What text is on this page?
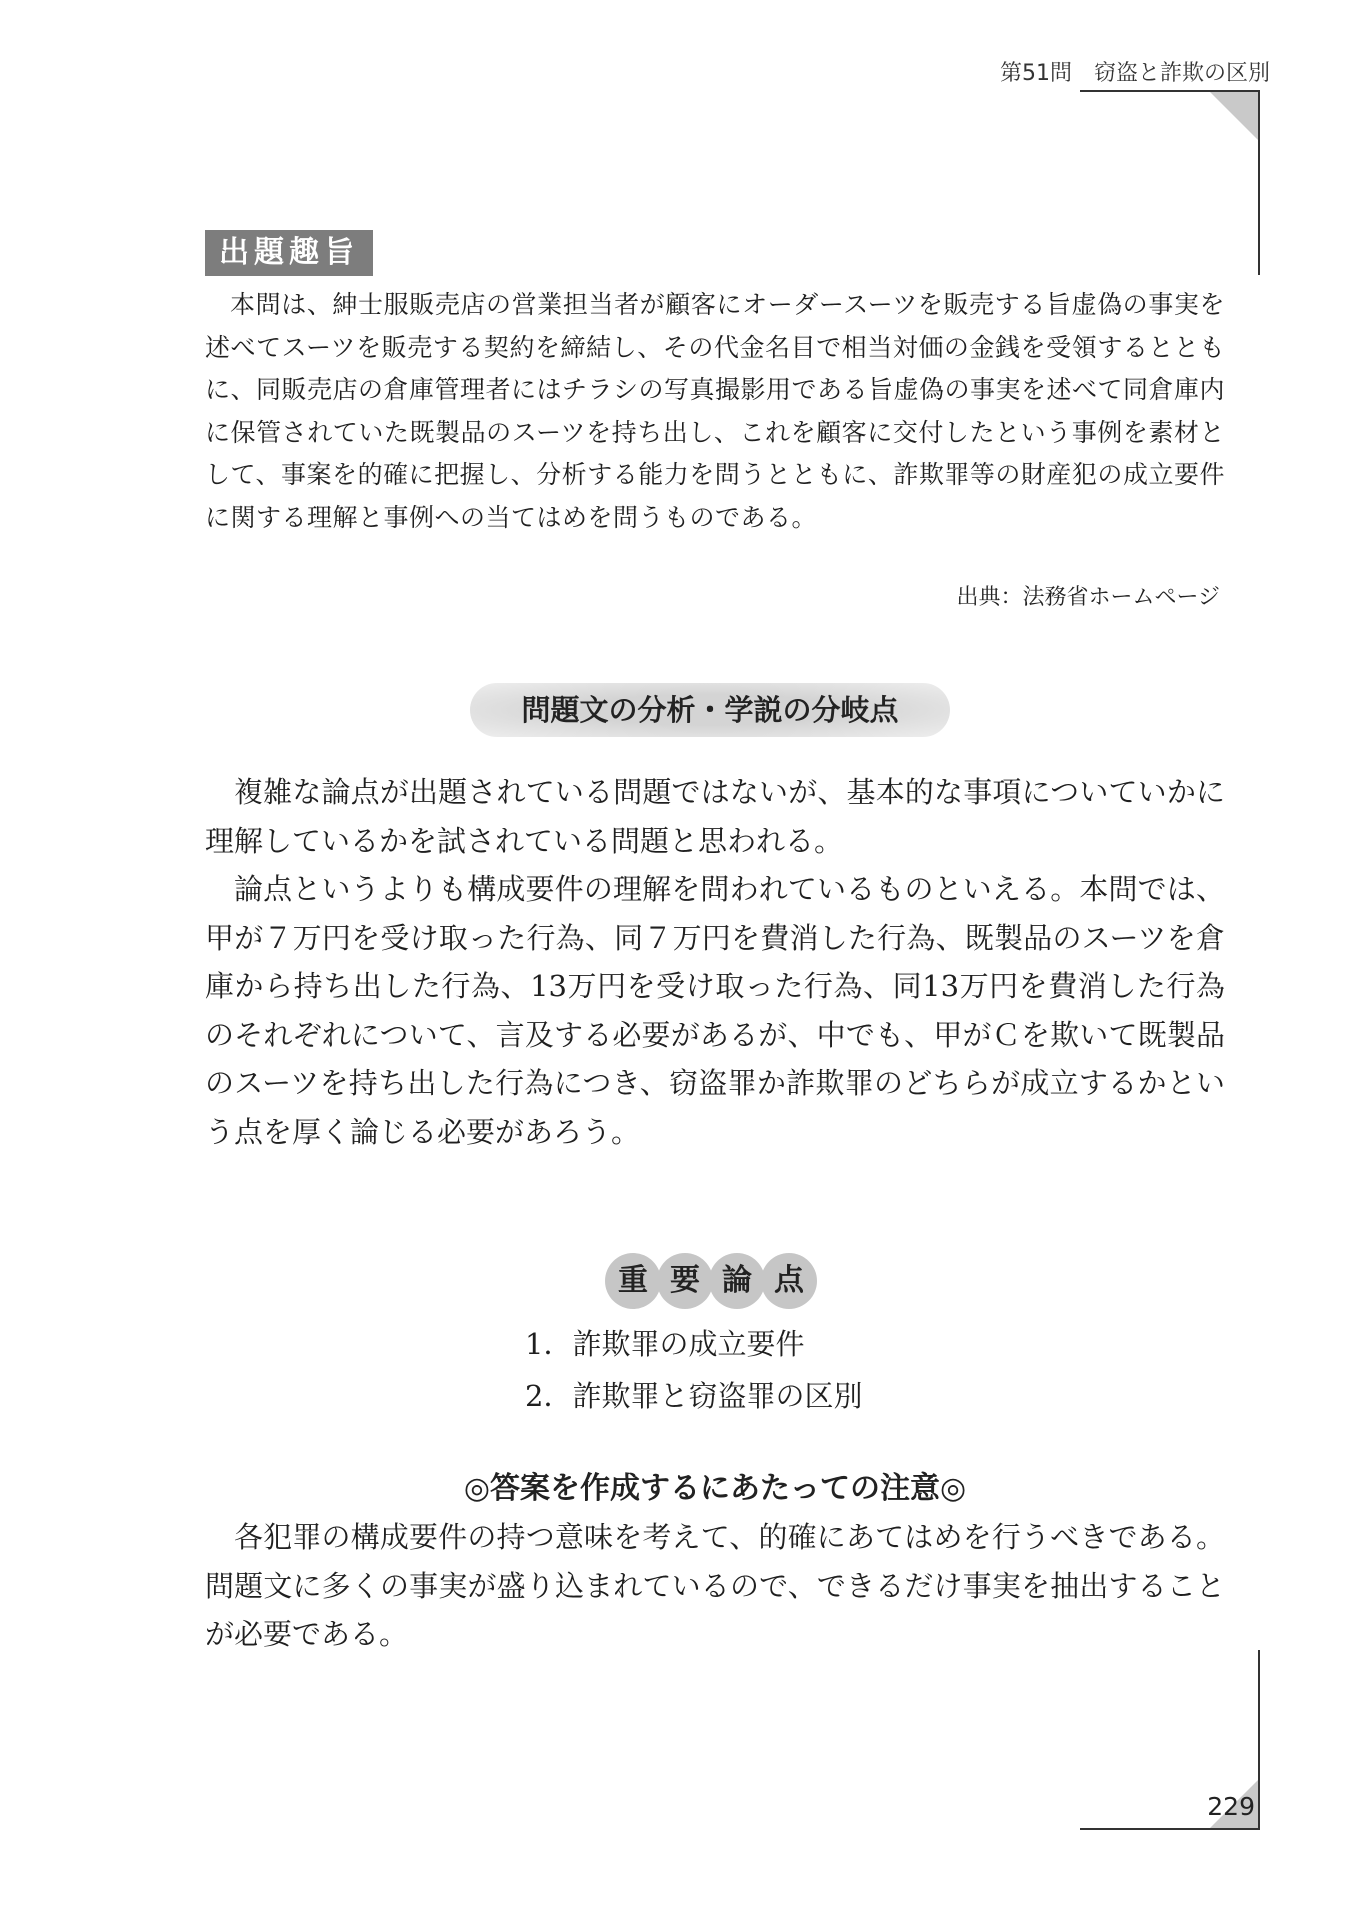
第51問　 窃盗と詐欺の区別
出題趣旨

本問は、紳士服販売店の営業担当者が顧客にオーダースーツを販売する旨虚偽の事実を述べてスーツを販売する契約を締結し、その代金名目で相当対価の金銭を受領するとともに、同販売店の倉庫管理者にはチラシの写真撮影用である旨虚偽の事実を述べて同倉庫内に保管されていた既製品のスーツを持ち出し、これを顧客に交付したという事例を素材として、事案を的確に把握し、分析する能力を問うとともに、詐欺罪等の財産犯の成立要件に関する理解と事例への当てはめを問うものである。

出典：法務省ホームページ
問題文の分析・学説の分岐点

複雑な論点が出題されている問題ではないが、基本的な事項についていかに理解しているかを試されている問題と思われる。

論点というよりも構成要件の理解を問われているものといえる。本問では、甲が７万円を受け取った行為、同７万円を費消した行為、既製品のスーツを倉庫から持ち出した行為、13万円を受け取った行為、同13万円を費消した行為のそれぞれについて、言及する必要があるが、中でも、甲がＣを欺いて既製品のスーツを持ち出した行為につき、窃盗罪か詐欺罪のどちらが成立するかという点を厚く論じる必要があろう。

重 要 論 点
1．詐欺罪の成立要件
2．詐欺罪と窃盗罪の区別
◎答案を作成するにあたっての注意◎

各犯罪の構成要件の持つ意味を考えて、的確にあてはめを行うべきである。問題文に多くの事実が盛り込まれているので、できるだけ事実を抽出することが必要である。

229
